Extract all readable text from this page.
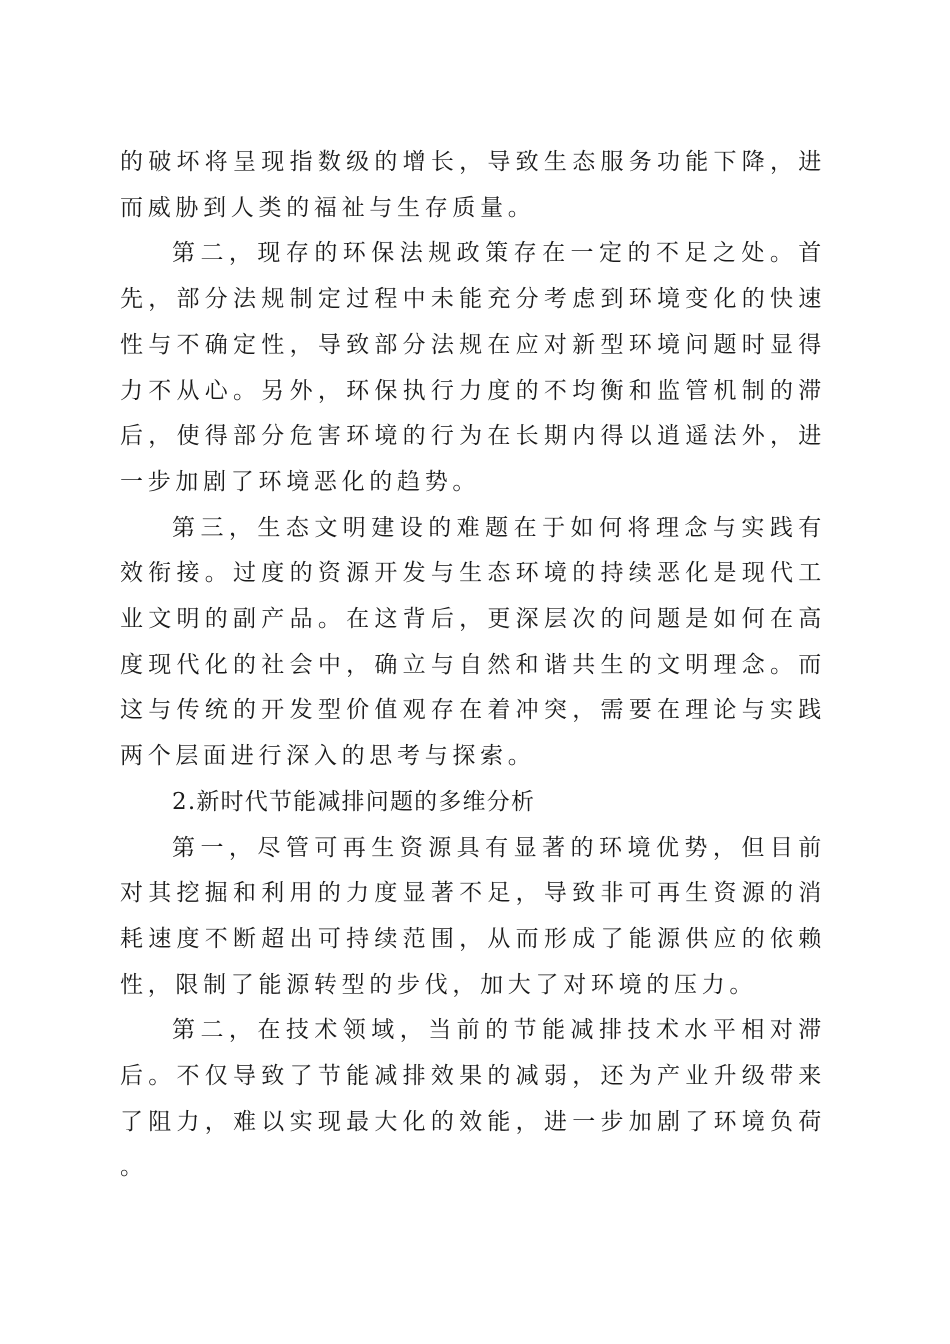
的破坏将呈现指数级的增长，导致生态服务功能下降，进而威胁到人类的福祉与生存质量。

第二，现存的环保法规政策存在一定的不足之处。首先，部分法规制定过程中未能充分考虑到环境变化的快速性与不确定性，导致部分法规在应对新型环境问题时显得力不从心。另外，环保执行力度的不均衡和监管机制的滞后，使得部分危害环境的行为在长期内得以逍遥法外，进一步加剧了环境恶化的趋势。

第三，生态文明建设的难题在于如何将理念与实践有效衔接。过度的资源开发与生态环境的持续恶化是现代工业文明的副产品。在这背后，更深层次的问题是如何在高度现代化的社会中，确立与自然和谐共生的文明理念。而这与传统的开发型价值观存在着冲突，需要在理论与实践两个层面进行深入的思考与探索。

2.新时代节能减排问题的多维分析

第一，尽管可再生资源具有显著的环境优势，但目前对其挖掘和利用的力度显著不足，导致非可再生资源的消耗速度不断超出可持续范围，从而形成了能源供应的依赖性，限制了能源转型的步伐，加大了对环境的压力。

第二，在技术领域，当前的节能减排技术水平相对滞后。不仅导致了节能减排效果的减弱，还为产业升级带来了阻力，难以实现最大化的效能，进一步加剧了环境负荷。
